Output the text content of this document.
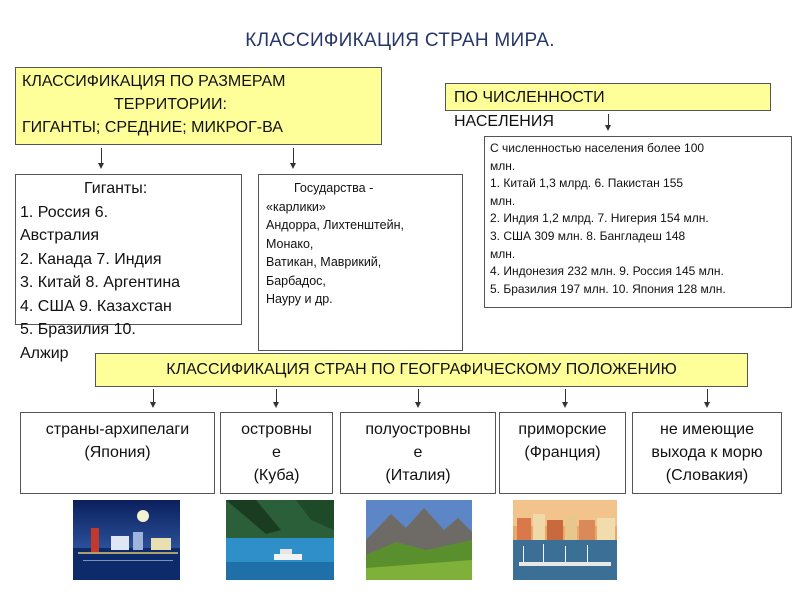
КЛАССИФИКАЦИЯ СТРАН МИРА.
КЛАССИФИКАЦИЯ ПО РАЗМЕРАМ
ТЕРРИТОРИИ:
ГИГАНТЫ; СРЕДНИЕ; МИКРОГ-ВА
ПО ЧИСЛЕННОСТИ
НАСЕЛЕНИЯ
Гиганты:
1. Россия 6.
Австралия
2. Канада 7. Индия
3. Китай 8. Аргентина
4. США 9. Казахстан
5. Бразилия 10.
Алжир
Государства -
«карлики»
Андорра, Лихтенштейн,
Монако,
Ватикан, Маврикий,
Барбадос,
Науру и др.
С численностью населения более 100
млн.
1. Китай 1,3 млрд. 6. Пакистан 155
млн.
2. Индия 1,2 млрд. 7. Нигерия 154 млн.
3. США 309 млн. 8. Бангладеш 148
млн.
4. Индонезия 232 млн. 9. Россия 145 млн.
5. Бразилия 197 млн. 10. Япония 128 млн.
КЛАССИФИКАЦИЯ СТРАН ПО ГЕОГРАФИЧЕСКОМУ ПОЛОЖЕНИЮ
страны-архипелаги
(Япония)
островны
е
(Куба)
полуостровны
е
(Италия)
приморские
(Франция)
не имеющие
выхода к морю
(Словакия)
